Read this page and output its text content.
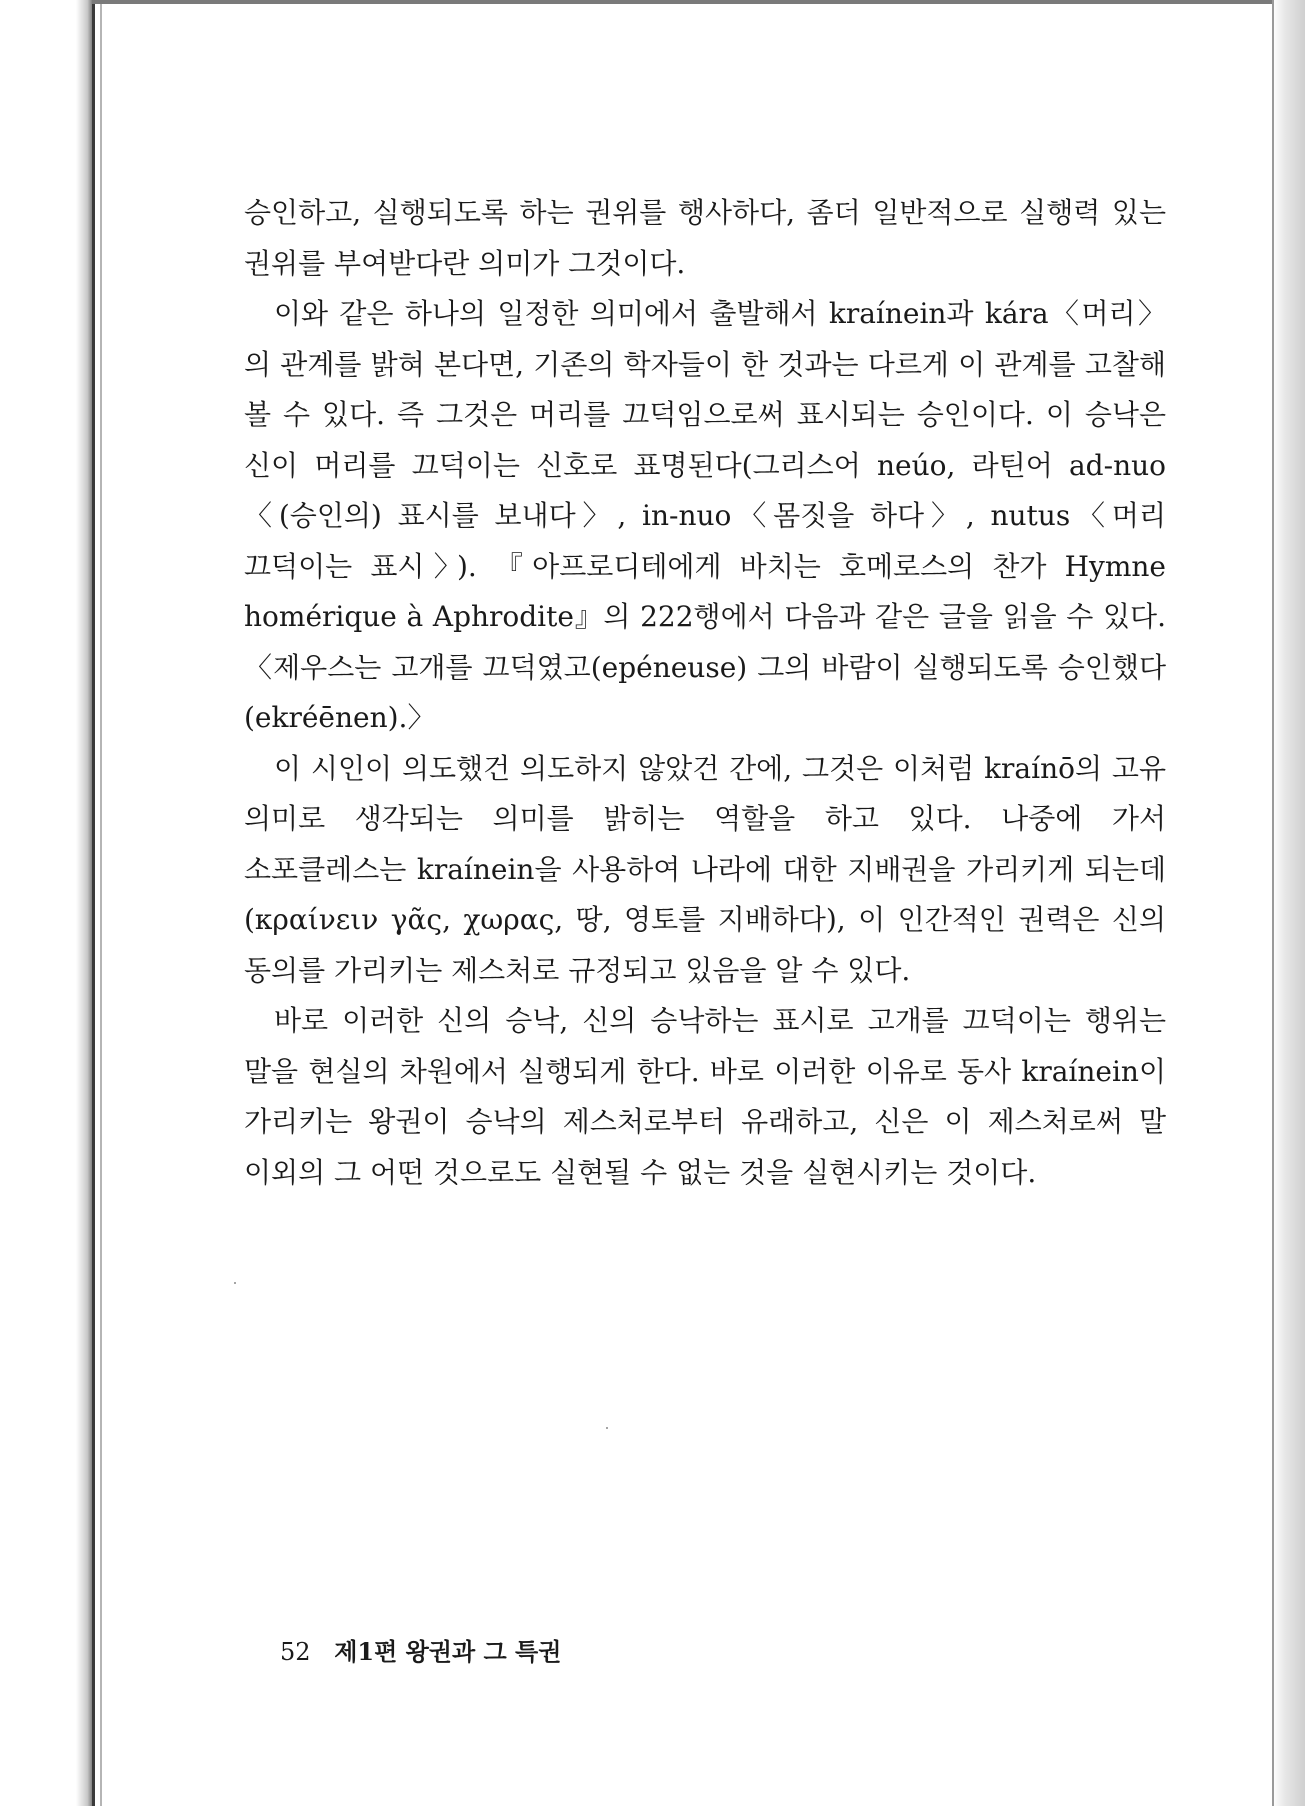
승인하고, 실행되도록 하는 권위를 행사하다, 좀더 일반적으로 실행력 있는 권위를 부여받다란 의미가 그것이다.

이와 같은 하나의 일정한 의미에서 출발해서 kraínein과 kára〈머리〉의 관계를 밝혀 본다면, 기존의 학자들이 한 것과는 다르게 이 관계를 고찰해 볼 수 있다. 즉 그것은 머리를 끄덕임으로써 표시되는 승인이다. 이 승낙은 신이 머리를 끄덕이는 신호로 표명된다(그리스어 neúo, 라틴어 ad-nuo〈(승인의) 표시를 보내다〉, in-nuo〈몸짓을 하다〉, nutus〈머리 끄덕이는 표시〉). 『아프로디테에게 바치는 호메로스의 찬가 Hymne homérique à Aphrodite』의 222행에서 다음과 같은 글을 읽을 수 있다. 〈제우스는 고개를 끄덕였고(epéneuse) 그의 바람이 실행되도록 승인했다(ekréēnen).〉

이 시인이 의도했건 의도하지 않았건 간에, 그것은 이처럼 kraínō의 고유 의미로 생각되는 의미를 밝히는 역할을 하고 있다. 나중에 가서 소포클레스는 kraínein을 사용하여 나라에 대한 지배권을 가리키게 되는데(κραίνειν γᾶς, χωρας, 땅, 영토를 지배하다), 이 인간적인 권력은 신의 동의를 가리키는 제스처로 규정되고 있음을 알 수 있다.

바로 이러한 신의 승낙, 신의 승낙하는 표시로 고개를 끄덕이는 행위는 말을 현실의 차원에서 실행되게 한다. 바로 이러한 이유로 동사 kraínein이 가리키는 왕권이 승낙의 제스처로부터 유래하고, 신은 이 제스처로써 말 이외의 그 어떤 것으로도 실현될 수 없는 것을 실현시키는 것이다.

52 제1편 왕권과 그 특권
